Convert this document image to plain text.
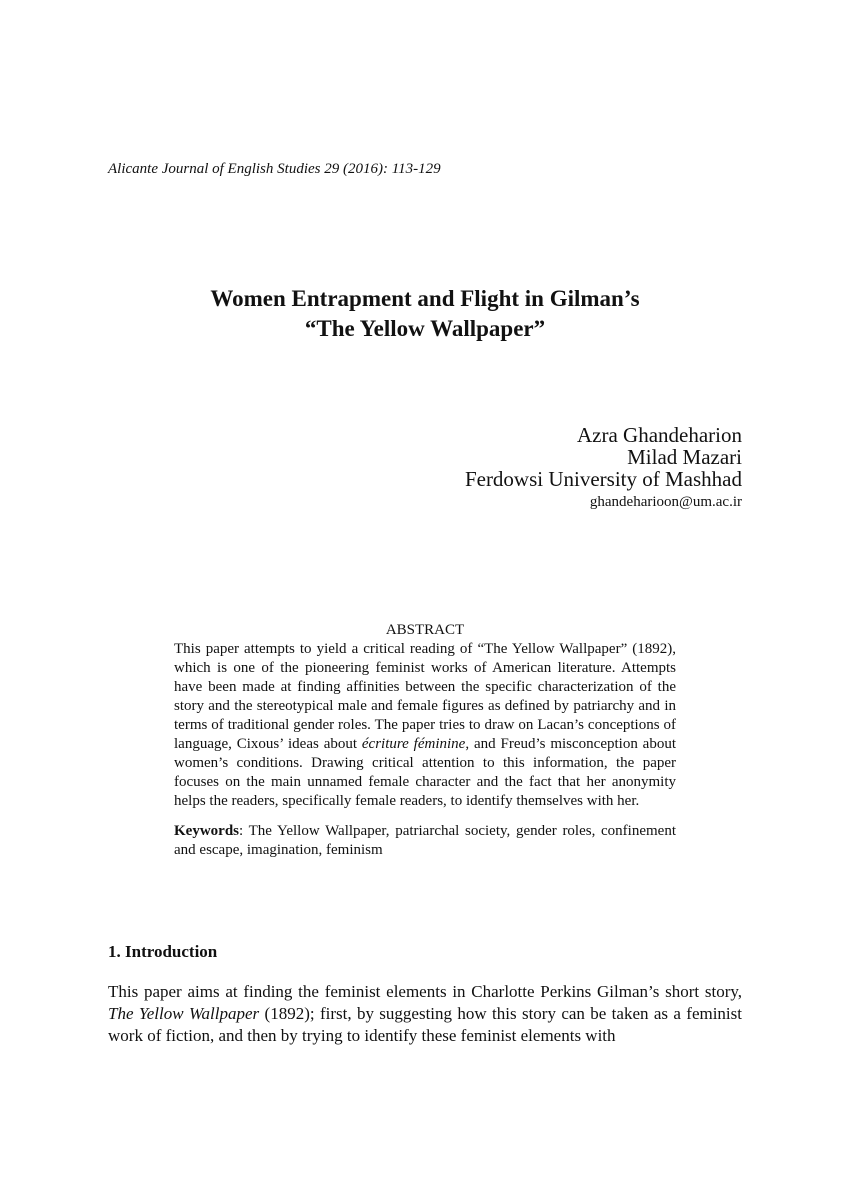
Alicante Journal of English Studies 29 (2016): 113-129
Women Entrapment and Flight in Gilman’s
“The Yellow Wallpaper”
Azra Ghandeharion
Milad Mazari
Ferdowsi University of Mashhad
ghandeharioon@um.ac.ir
ABSTRACT
This paper attempts to yield a critical reading of “The Yellow Wallpaper” (1892), which is one of the pioneering feminist works of American literature. Attempts have been made at finding affinities between the specific characterization of the story and the stereotypical male and female figures as defined by patriarchy and in terms of traditional gender roles. The paper tries to draw on Lacan’s conceptions of language, Cixous’ ideas about écriture féminine, and Freud’s misconception about women’s conditions. Drawing critical attention to this information, the paper focuses on the main unnamed female character and the fact that her anonymity helps the readers, specifically female readers, to identify themselves with her.
Keywords: The Yellow Wallpaper, patriarchal society, gender roles, confinement and escape, imagination, feminism
1. Introduction
This paper aims at finding the feminist elements in Charlotte Perkins Gilman’s short story, The Yellow Wallpaper (1892); first, by suggesting how this story can be taken as a feminist work of fiction, and then by trying to identify these feminist elements with
